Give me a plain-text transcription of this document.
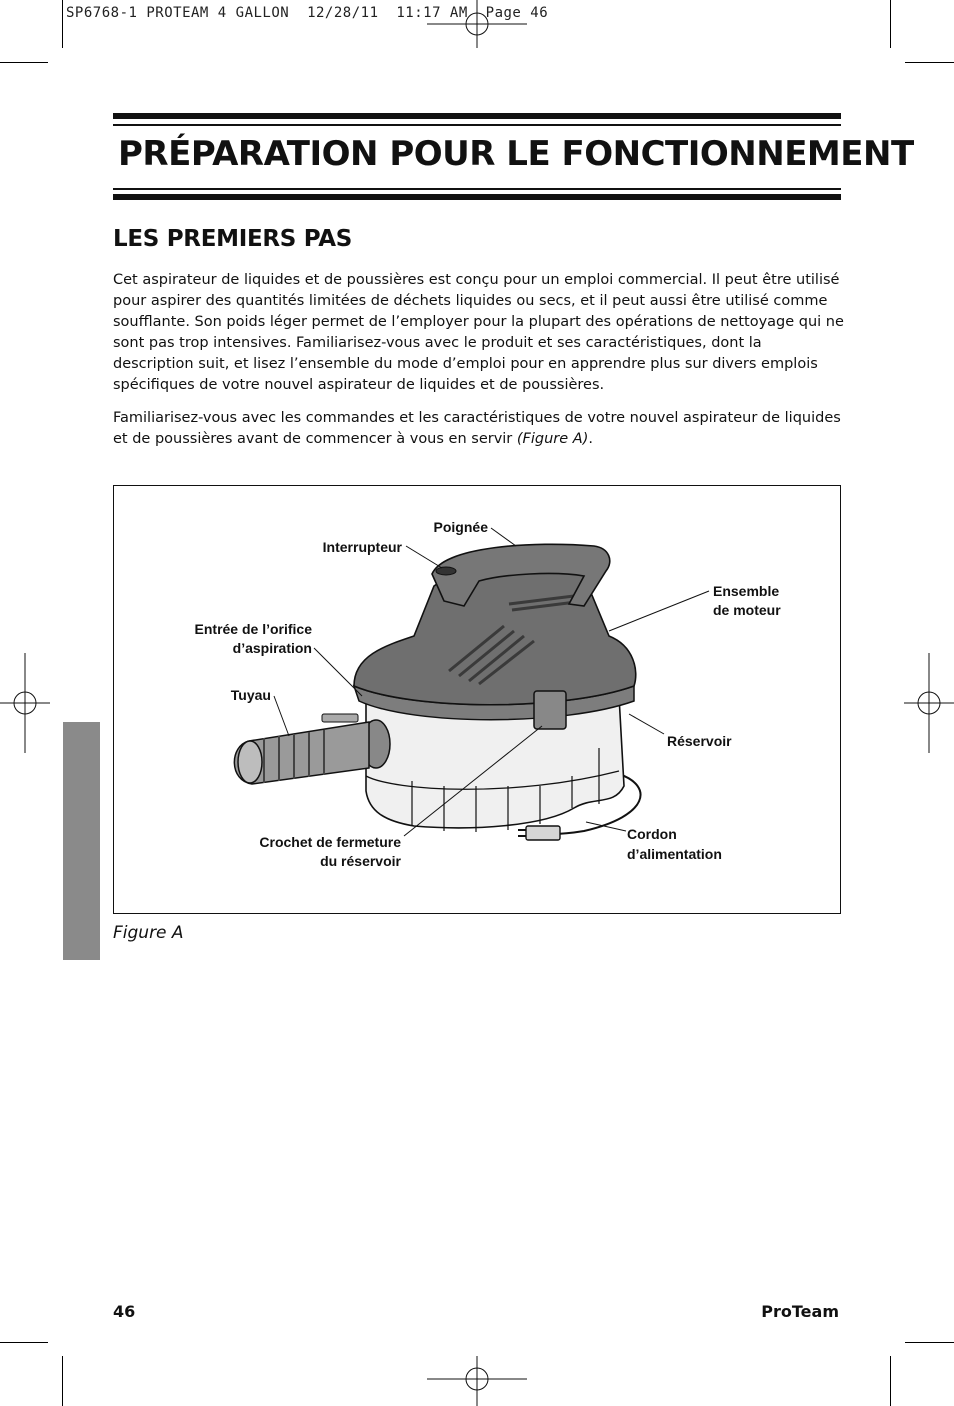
SP6768-1 PROTEAM 4 GALLON  12/28/11  11:17 AM  Page 46
PRÉPARATION POUR LE FONCTIONNEMENT
LES PREMIERS PAS

Cet aspirateur de liquides et de poussières est conçu pour un emploi commercial. Il peut être utilisé pour aspirer des quantités limitées de déchets liquides ou secs, et il peut aussi être utilisé comme soufflante. Son poids léger permet de l’employer pour la plupart des opérations de nettoyage qui ne sont pas trop intensives. Familiarisez-vous avec le produit et ses caractéristiques, dont la description suit, et lisez l’ensemble du mode d’emploi pour en apprendre plus sur divers emplois spécifiques de votre nouvel aspirateur de liquides et de poussières.

Familiarisez-vous avec les commandes et les caractéristiques de votre nouvel aspirateur de liquides et de poussières avant de commencer à vous en servir (Figure A).

Poignée
Interrupteur
Ensemble
de moteur
Entrée de l’orifice
d’aspiration
Tuyau
Réservoir
Crochet de fermeture
du réservoir
Cordon
d’alimentation
Figure A
46	ProTeam
